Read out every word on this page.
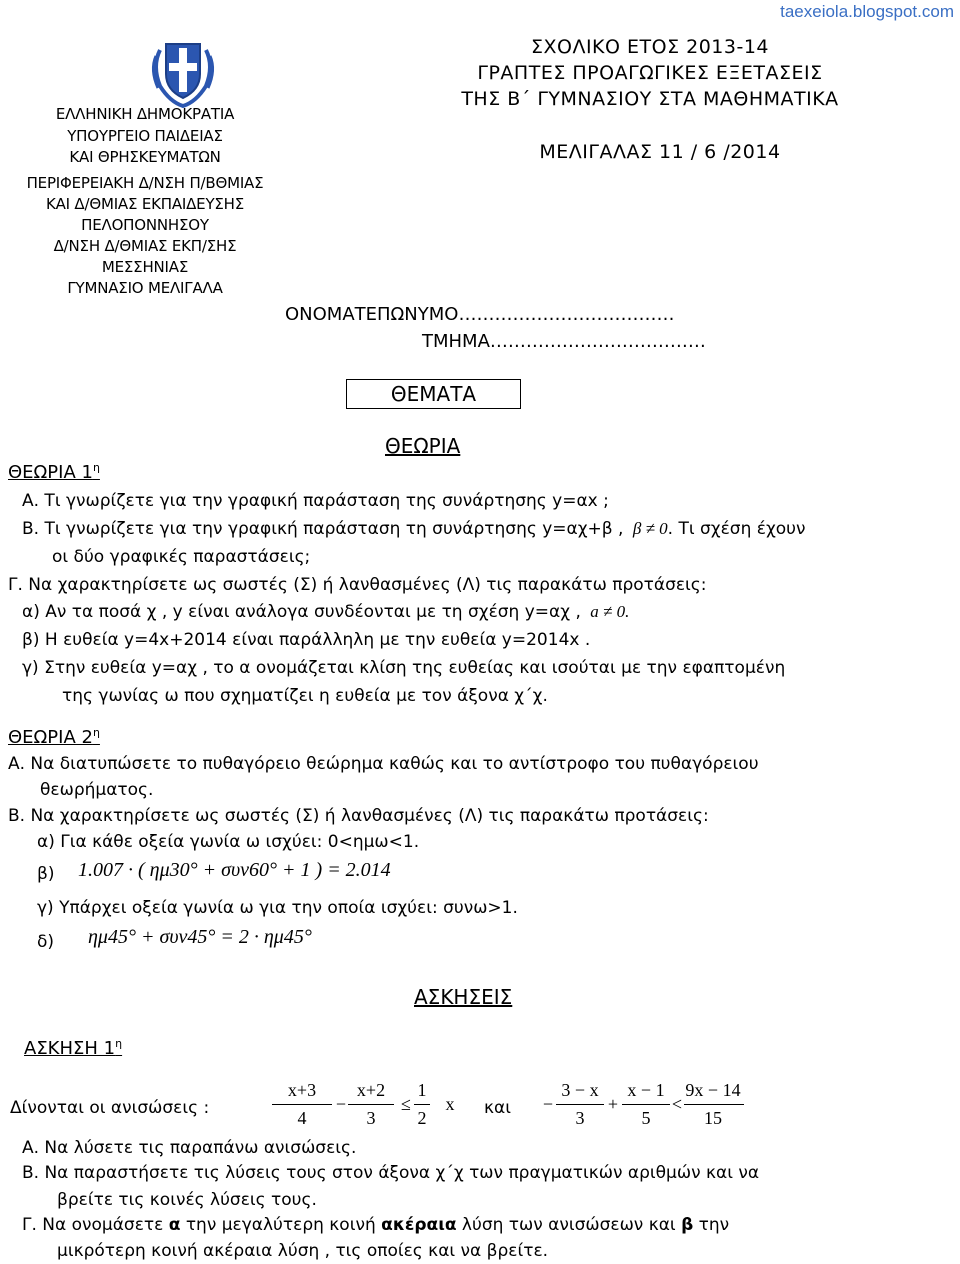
taexeiola.blogspot.com
ΕΛΛΗΝΙΚΗ ΔΗΜΟΚΡΑΤΙΑ
ΥΠΟΥΡΓΕΙΟ ΠΑΙΔΕΙΑΣ
ΚΑΙ ΘΡΗΣΚΕΥΜΑΤΩΝ
ΠΕΡΙΦΕΡΕΙΑΚΗ Δ/ΝΣΗ Π/ΒΘΜΙΑΣ
ΚΑΙ Δ/ΘΜΙΑΣ ΕΚΠΑΙΔΕΥΣΗΣ
ΠΕΛΟΠΟΝΝΗΣΟΥ
Δ/ΝΣΗ Δ/ΘΜΙΑΣ ΕΚΠ/ΣΗΣ
ΜΕΣΣΗΝΙΑΣ
ΓΥΜΝΑΣΙΟ ΜΕΛΙΓΑΛΑ
ΣΧΟΛΙΚΟ ΕΤΟΣ 2013-14
ΓΡΑΠΤΕΣ ΠΡΟΑΓΩΓΙΚΕΣ ΕΞΕΤΑΣΕΙΣ
ΤΗΣ Β΄ ΓΥΜΝΑΣΙΟΥ ΣΤΑ ΜΑΘΗΜΑΤΙΚΑ
ΜΕΛΙΓΑΛΑΣ 11 / 6 /2014
ΟΝΟΜΑΤΕΠΩΝΥΜΟ………………………………
ΤΜΗΜΑ………………………………
ΘΕΜΑΤΑ
ΘΕΩΡΙΑ
ΘΕΩΡΙΑ $1^\eta$
Α. Τι γνωρίζετε για την γραφική παράσταση της συνάρτησης y=αx ;
Β. Τι γνωρίζετε για την γραφική παράσταση τη συνάρτησης y=αχ+β , β ≠ 0. Τι σχέση έχουν
οι δύο γραφικές παραστάσεις;
Γ. Να χαρακτηρίσετε ως σωστές (Σ) ή λανθασμένες (Λ) τις παρακάτω προτάσεις:
α) Αν τα ποσά χ , y είναι ανάλογα συνδέονται με τη σχέση y=αχ , a ≠ 0.
β) Η ευθεία y=4x+2014 είναι παράλληλη με την ευθεία y=2014x .
γ) Στην ευθεία y=αχ , το α ονομάζεται κλίση της ευθείας και ισούται με την εφαπτομένη
της γωνίας ω που σχηματίζει η ευθεία με τον άξονα χ΄χ.
ΘΕΩΡΙΑ $2^\eta$
Α. Να διατυπώσετε το πυθαγόρειο θεώρημα καθώς και το αντίστροφο του πυθαγόρειου
θεωρήματος.
Β. Να χαρακτηρίσετε ως σωστές (Σ) ή λανθασμένες (Λ) τις παρακάτω προτάσεις:
α) Για κάθε οξεία γωνία ω ισχύει: 0<ημω<1.
β) 1.007 · ( ημ30° + συν60° + 1 ) = 2.014
γ) Υπάρχει οξεία γωνία ω για την οποία ισχύει: συνω>1.
δ) ημ45° + συν45° = 2 · ημ45°
ΑΣΚΗΣΕΙΣ
ΑΣΚΗΣΗ $1^\eta$
Δίνονται οι ανισώσεις :
x+3
4
−
x+2
3
≤
1
2
x	και −
3 − x
3
+
x − 1
5
<
9x − 14
15
Α. Να λύσετε τις παραπάνω ανισώσεις.
Β. Να παραστήσετε τις λύσεις τους στον άξονα χ΄χ των πραγματικών αριθμών και να
βρείτε τις κοινές λύσεις τους.
Γ. Να ονομάσετε α την μεγαλύτερη κοινή ακέραια λύση των ανισώσεων και β την
μικρότερη κοινή ακέραια λύση , τις οποίες και να βρείτε.
